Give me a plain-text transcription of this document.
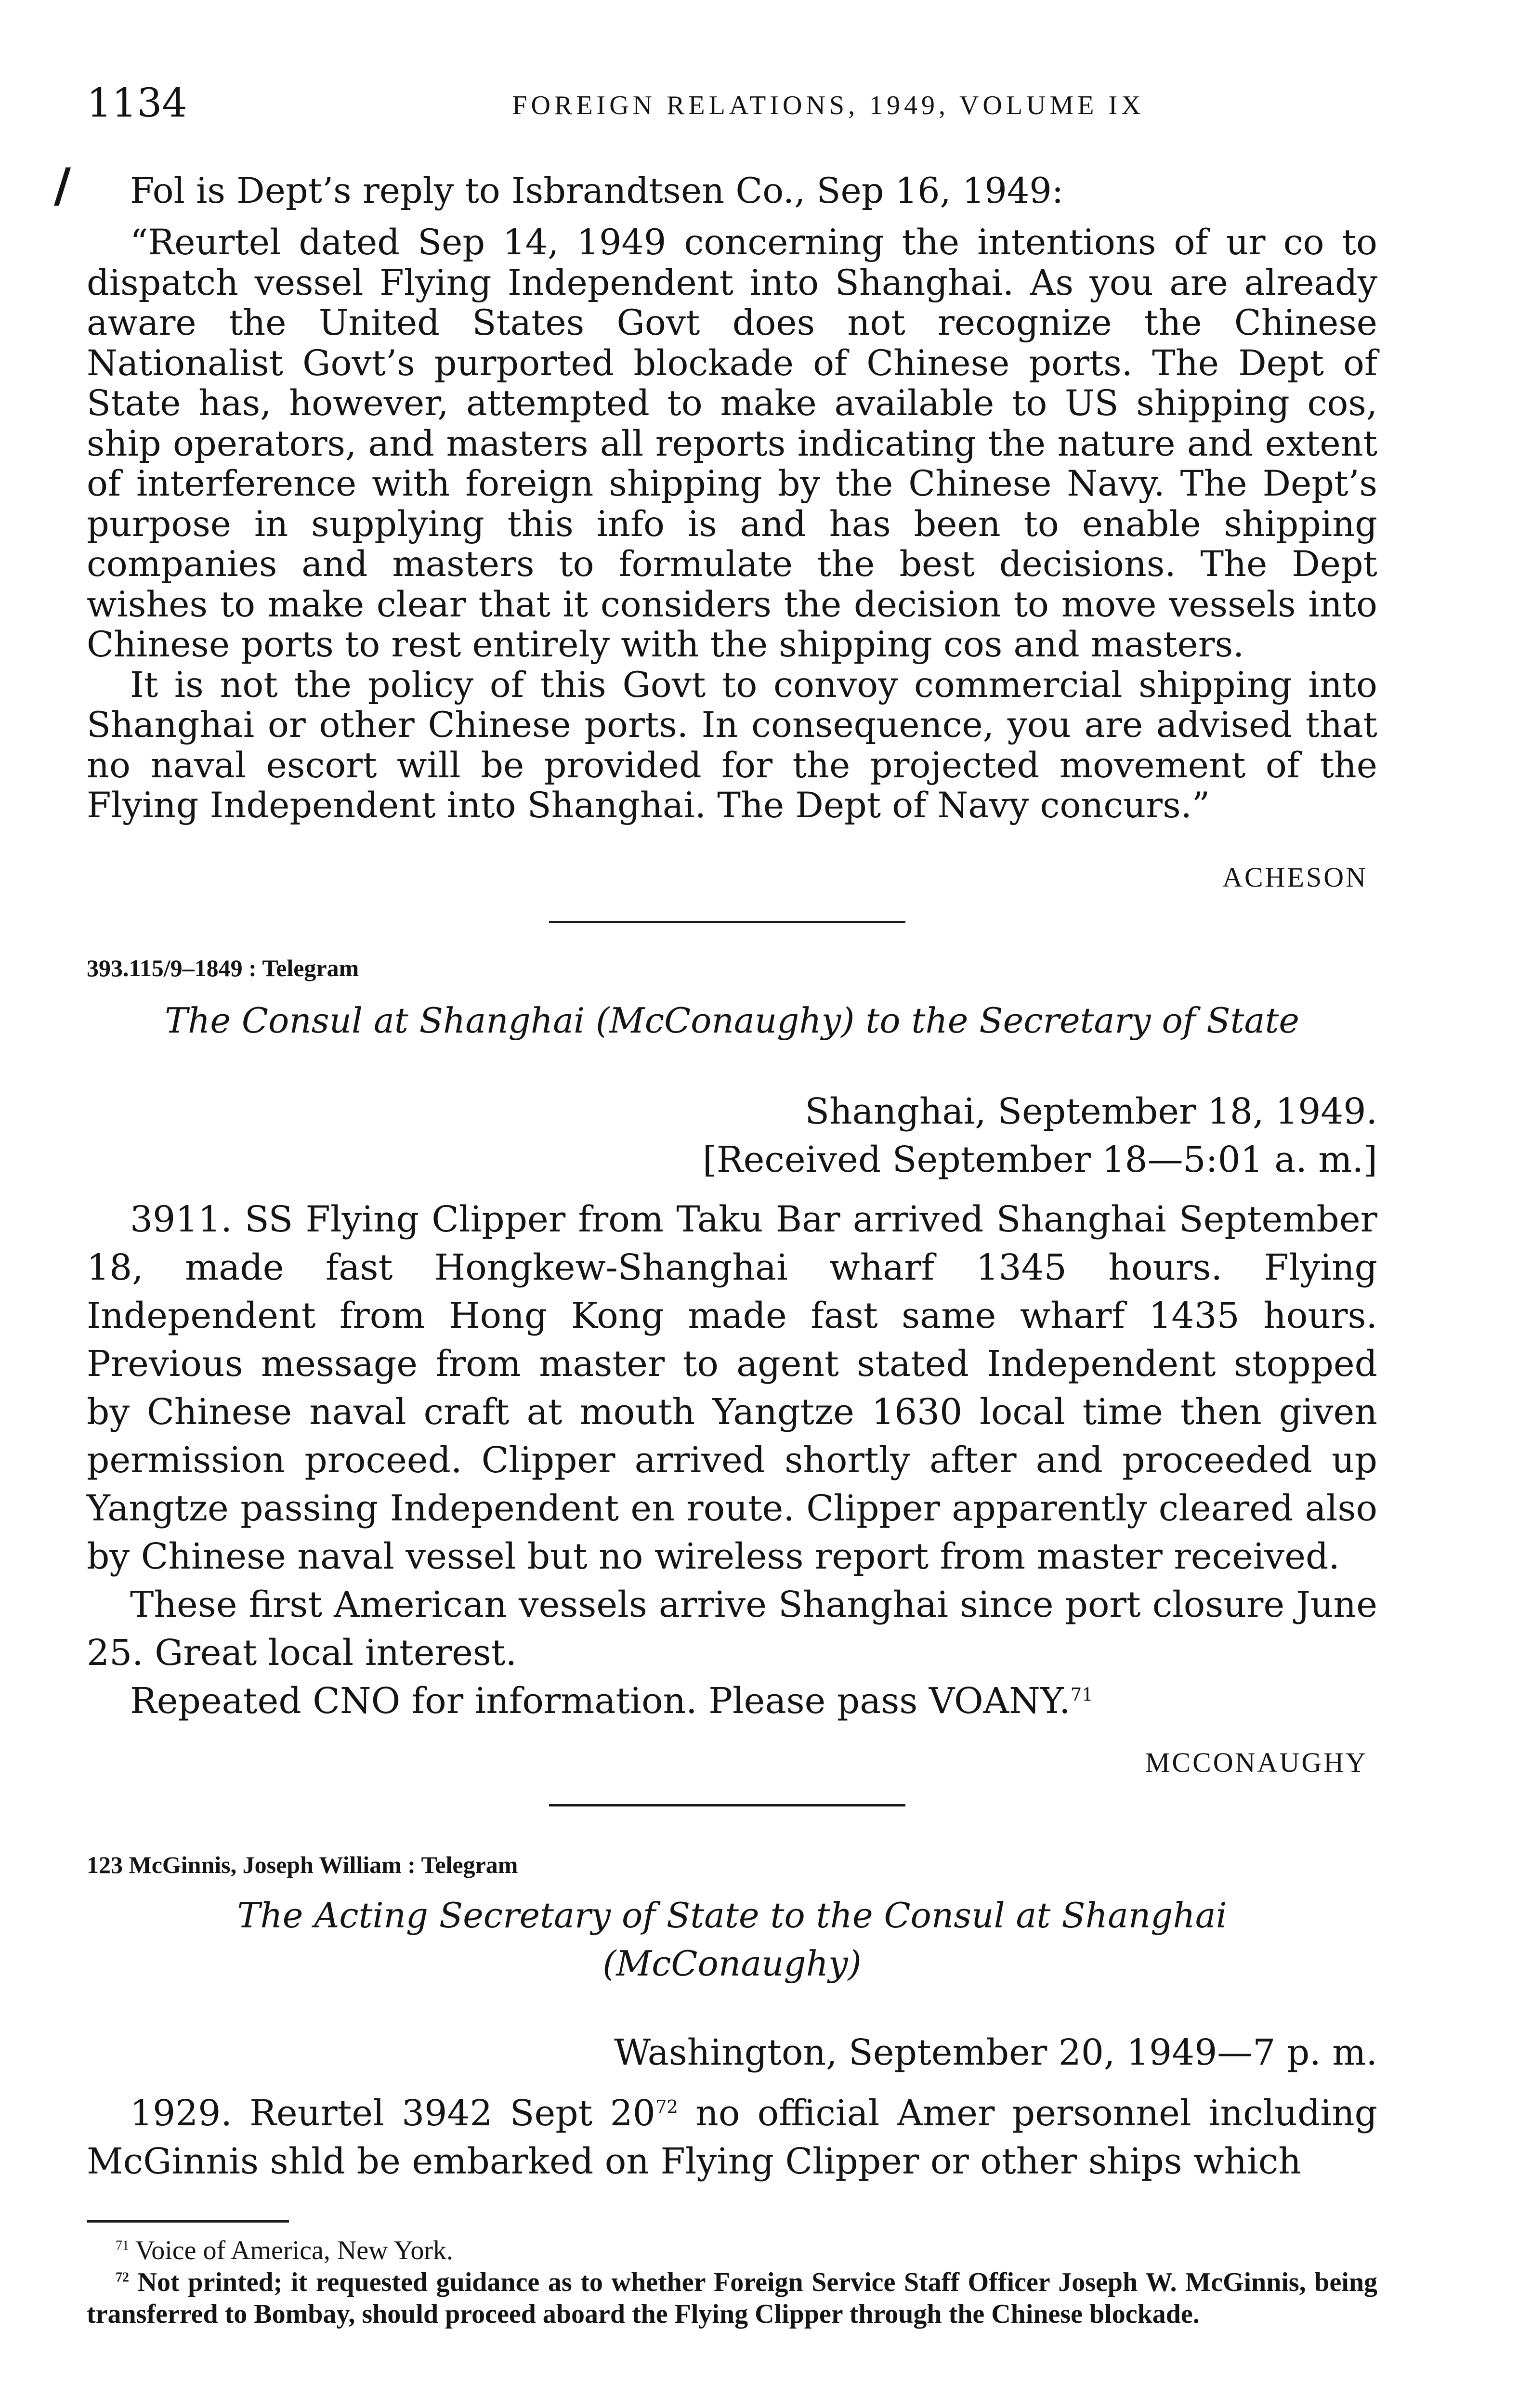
1134	FOREIGN RELATIONS, 1949, VOLUME IX
/	Fol is Dept’s reply to Isbrandtsen Co., Sep 16, 1949:

“Reurtel dated Sep 14, 1949 concerning the intentions of ur co to dispatch vessel Flying Independent into Shanghai. As you are already aware the United States Govt does not recognize the Chinese Nationalist Govt’s purported blockade of Chinese ports. The Dept of State has, however, attempted to make available to US shipping cos, ship operators, and masters all reports indicating the nature and extent of interference with foreign shipping by the Chinese Navy. The Dept’s purpose in supplying this info is and has been to enable shipping companies and masters to formulate the best decisions. The Dept wishes to make clear that it considers the decision to move vessels into Chinese ports to rest entirely with the shipping cos and masters.

It is not the policy of this Govt to convoy commercial shipping into Shanghai or other Chinese ports. In consequence, you are advised that no naval escort will be provided for the projected movement of the Flying Independent into Shanghai. The Dept of Navy concurs.”

ACHESON
393.115/9–1849 : Telegram
The Consul at Shanghai (McConaughy) to the Secretary of State
Shanghai, September 18, 1949.
[Received September 18—5:01 a. m.]

3911. SS Flying Clipper from Taku Bar arrived Shanghai September 18, made fast Hongkew-Shanghai wharf 1345 hours. Flying Independent from Hong Kong made fast same wharf 1435 hours. Previous message from master to agent stated Independent stopped by Chinese naval craft at mouth Yangtze 1630 local time then given permission proceed. Clipper arrived shortly after and proceeded up Yangtze passing Independent en route. Clipper apparently cleared also by Chinese naval vessel but no wireless report from master received.

These first American vessels arrive Shanghai since port closure June 25. Great local interest.

Repeated CNO for information. Please pass VOANY.$^{71}$

MCCONAUGHY
123 McGinnis, Joseph William : Telegram
The Acting Secretary of State to the Consul at Shanghai
(McConaughy)
Washington, September 20, 1949—7 p. m.

1929. Reurtel 3942 Sept $20^{72}$ no official Amer personnel including McGinnis shld be embarked on Flying Clipper or other ships which

$^{71}$ Voice of America, New York.

$^{72}$ Not printed; it requested guidance as to whether Foreign Service Staff Officer Joseph W. McGinnis, being transferred to Bombay, should proceed aboard the Flying Clipper through the Chinese blockade.
